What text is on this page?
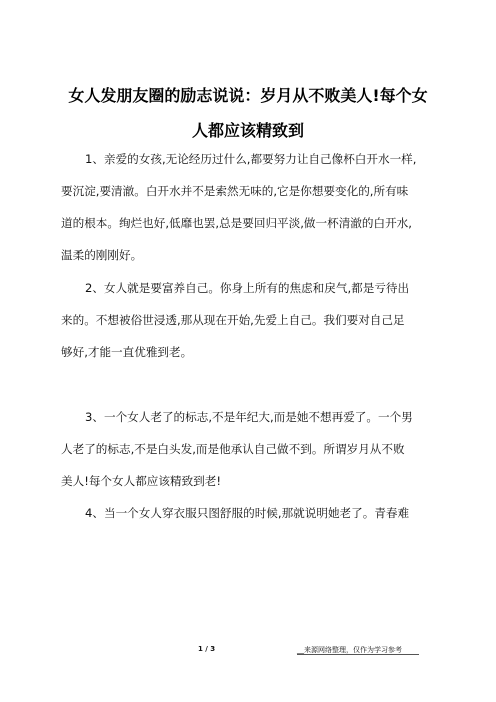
女人发朋友圈的励志说说：岁月从不败美人!每个女
人都应该精致到
1、亲爱的女孩,无论经历过什么,都要努力让自己像杯白开水一样,
要沉淀,要清澈。白开水并不是索然无味的,它是你想要变化的,所有味
道的根本。绚烂也好,低靡也罢,总是要回归平淡,做一杯清澈的白开水,
温柔的刚刚好。
2、女人就是要富养自己。你身上所有的焦虑和戾气,都是亏待出
来的。不想被俗世浸透,那从现在开始,先爱上自己。我们要对自己足
够好,才能一直优雅到老。
3、一个女人老了的标志,不是年纪大,而是她不想再爱了。一个男
人老了的标志,不是白头发,而是他承认自己做不到。所谓岁月从不败
美人!每个女人都应该精致到老!
4、当一个女人穿衣服只图舒服的时候,那就说明她老了。青春难
1 / 3	__来源网络整理，仅作为学习参考
